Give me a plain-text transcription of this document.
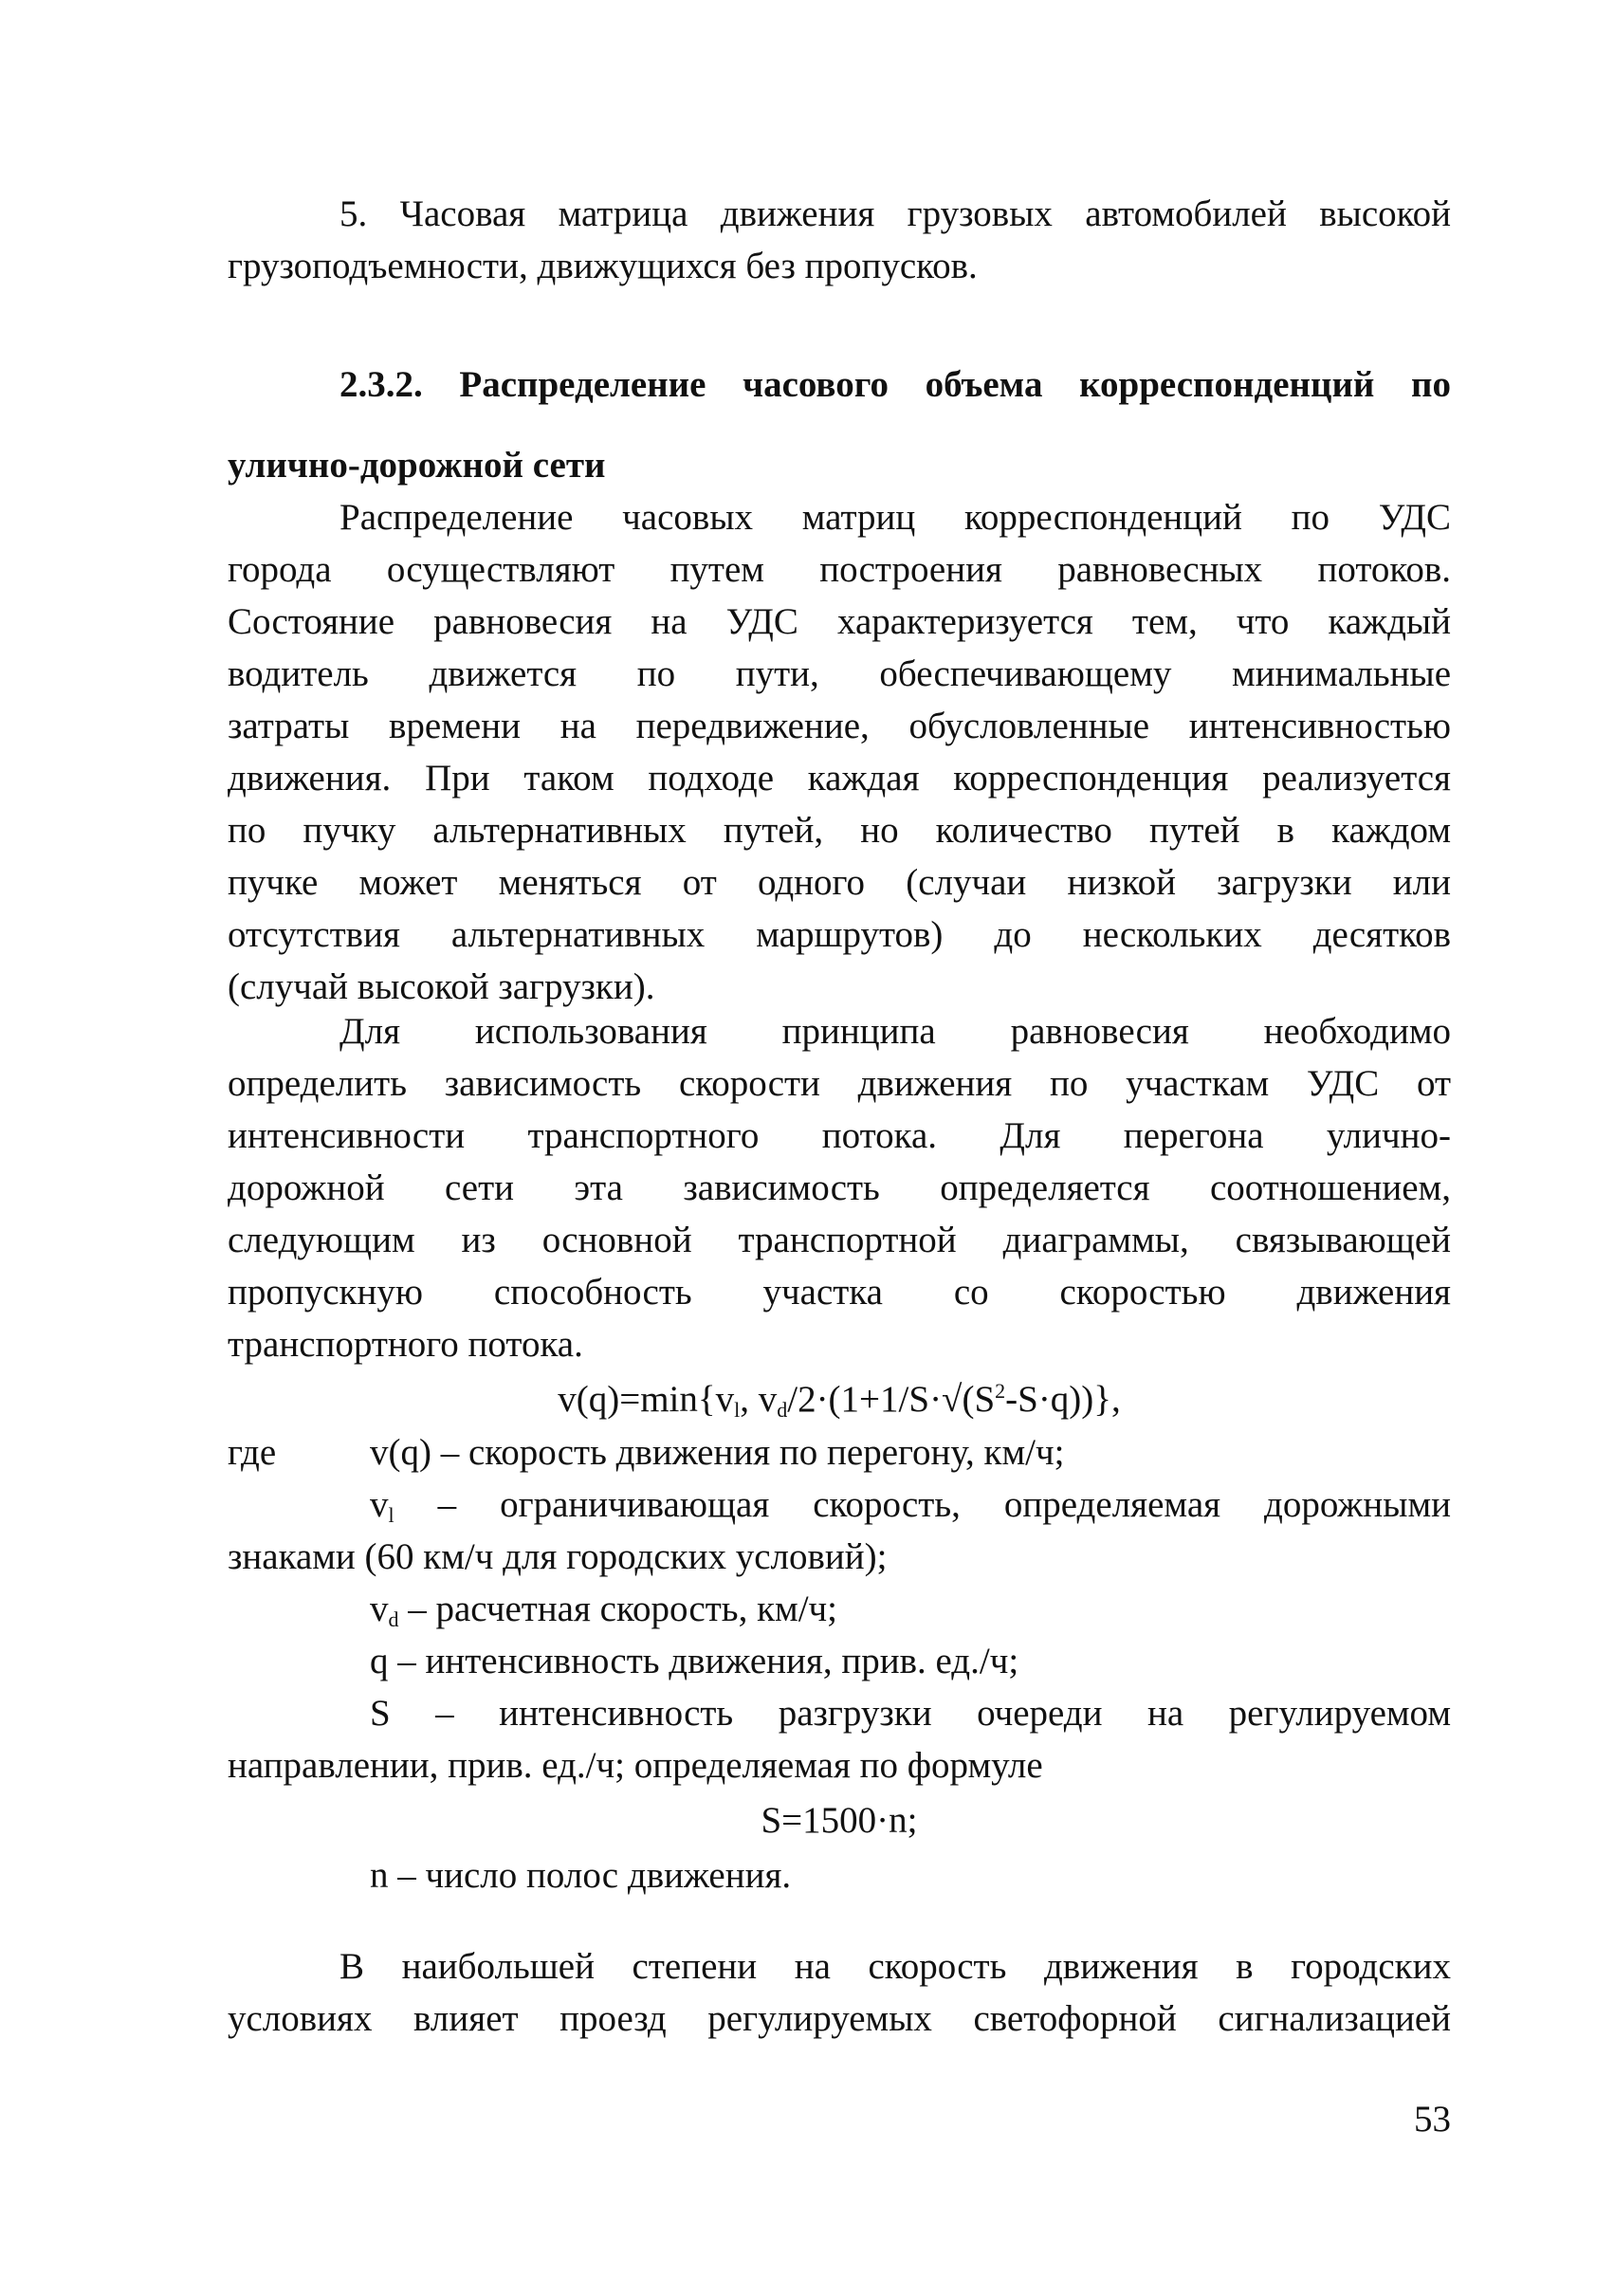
5. Часовая матрица движения грузовых автомобилей высокой

грузоподъемности, движущихся без пропусков.

2.3.2. Распределение часового объема корреспонденций по

улично-дорожной сети

Распределение часовых матриц корреспонденций по УДС

города осуществляют путем построения равновесных потоков.

Состояние равновесия на УДС характеризуется тем, что каждый

водитель движется по пути, обеспечивающему минимальные

затраты времени на передвижение, обусловленные интенсивностью

движения. При таком подходе каждая корреспонденция реализуется

по пучку альтернативных путей, но количество путей в каждом

пучке может меняться от одного (случаи низкой загрузки или

отсутствия альтернативных маршрутов) до нескольких десятков

(случай высокой загрузки).

Для использования принципа равновесия необходимо

определить зависимость скорости движения по участкам УДС от

интенсивности транспортного потока. Для перегона улично-

дорожной сети эта зависимость определяется соотношением,

следующим из основной транспортной диаграммы, связывающей

пропускную способность участка со скоростью движения

транспортного потока.

$v(q)=\min\{v_l$, $v_d/2\cdot(1+1/S\cdot√(S^2-S\cdot q))$},

где	v(q) – скорость движения по перегону, км/ч;

$v_l$ – ограничивающая скорость, определяемая дорожными

знаками (60 км/ч для городских условий);

$v_d$ – расчетная скорость, км/ч;

q – интенсивность движения, прив. ед./ч;

S – интенсивность разгрузки очереди на регулируемом

направлении, прив. ед./ч; определяемая по формуле

S=1500·n;

n – число полос движения.

В наибольшей степени на скорость движения в городских

условиях влияет проезд регулируемых светофорной сигнализацией

53
